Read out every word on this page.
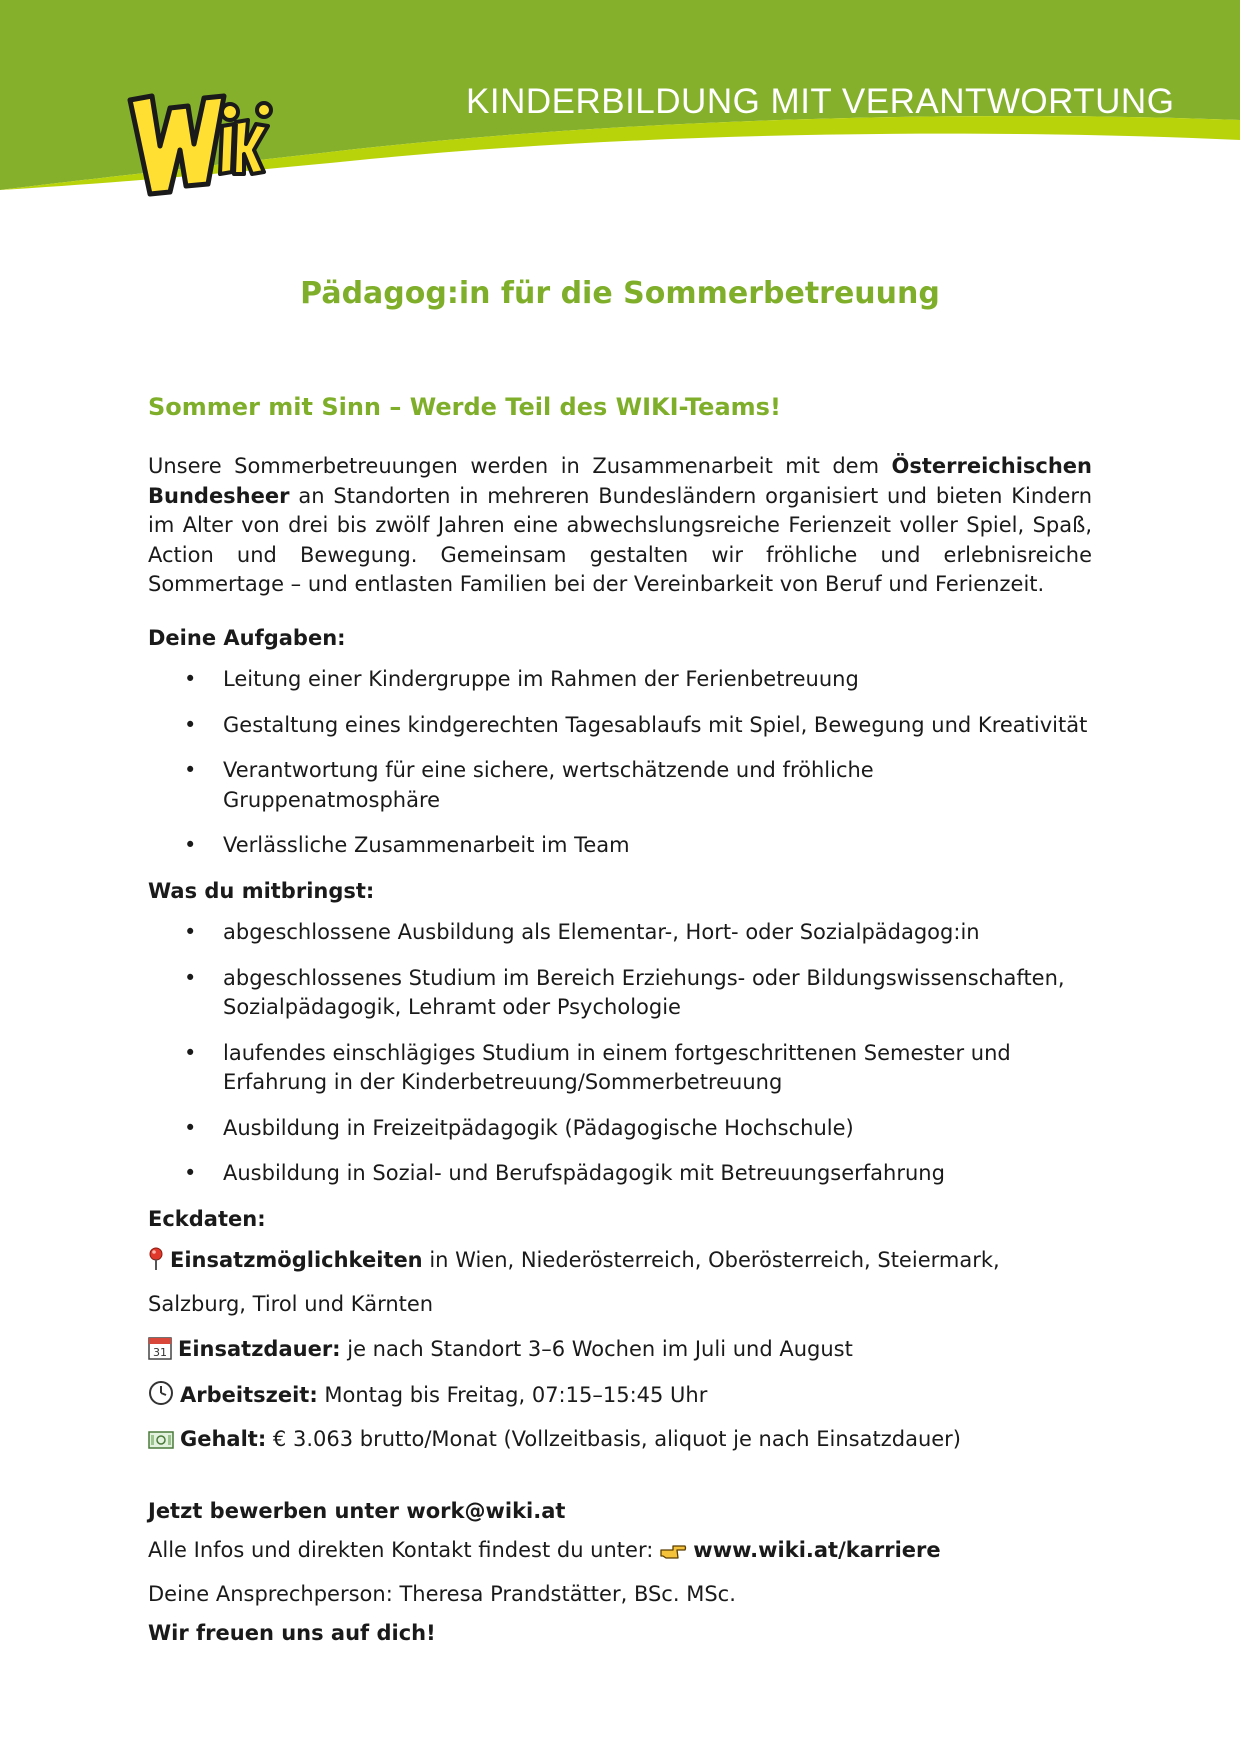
KINDERBILDUNG MIT VERANTWORTUNG
Pädagog:in für die Sommerbetreuung
Sommer mit Sinn – Werde Teil des WIKI-Teams!

Unsere Sommerbetreuungen werden in Zusammenarbeit mit dem Österreichischen Bundesheer an Standorten in mehreren Bundesländern organisiert und bieten Kindern im Alter von drei bis zwölf Jahren eine abwechslungsreiche Ferienzeit voller Spiel, Spaß, Action und Bewegung. Gemeinsam gestalten wir fröhliche und erlebnisreiche Sommertage – und entlasten Familien bei der Vereinbarkeit von Beruf und Ferienzeit.

Deine Aufgaben:

• Leitung einer Kindergruppe im Rahmen der Ferienbetreuung
• Gestaltung eines kindgerechten Tagesablaufs mit Spiel, Bewegung und Kreativität
• Verantwortung für eine sichere, wertschätzende und fröhliche Gruppenatmosphäre
• Verlässliche Zusammenarbeit im Team

Was du mitbringst:

• abgeschlossene Ausbildung als Elementar-, Hort- oder Sozialpädagog:in
• abgeschlossenes Studium im Bereich Erziehungs- oder Bildungswissenschaften, Sozialpädagogik, Lehramt oder Psychologie
• laufendes einschlägiges Studium in einem fortgeschrittenen Semester und Erfahrung in der Kinderbetreuung/Sommerbetreuung
• Ausbildung in Freizeitpädagogik (Pädagogische Hochschule)
• Ausbildung in Sozial- und Berufspädagogik mit Betreuungserfahrung

Eckdaten:

Einsatzmöglichkeiten in Wien, Niederösterreich, Oberösterreich, Steiermark, Salzburg, Tirol und Kärnten

31 Einsatzdauer: je nach Standort 3–6 Wochen im Juli und August

Arbeitszeit: Montag bis Freitag, 07:15–15:45 Uhr

Gehalt: € 3.063 brutto/Monat (Vollzeitbasis, aliquot je nach Einsatzdauer)

Jetzt bewerben unter work@wiki.at

Alle Infos und direkten Kontakt findest du unter: www.wiki.at/karriere

Deine Ansprechperson: Theresa Prandstätter, BSc. MSc.

Wir freuen uns auf dich!
